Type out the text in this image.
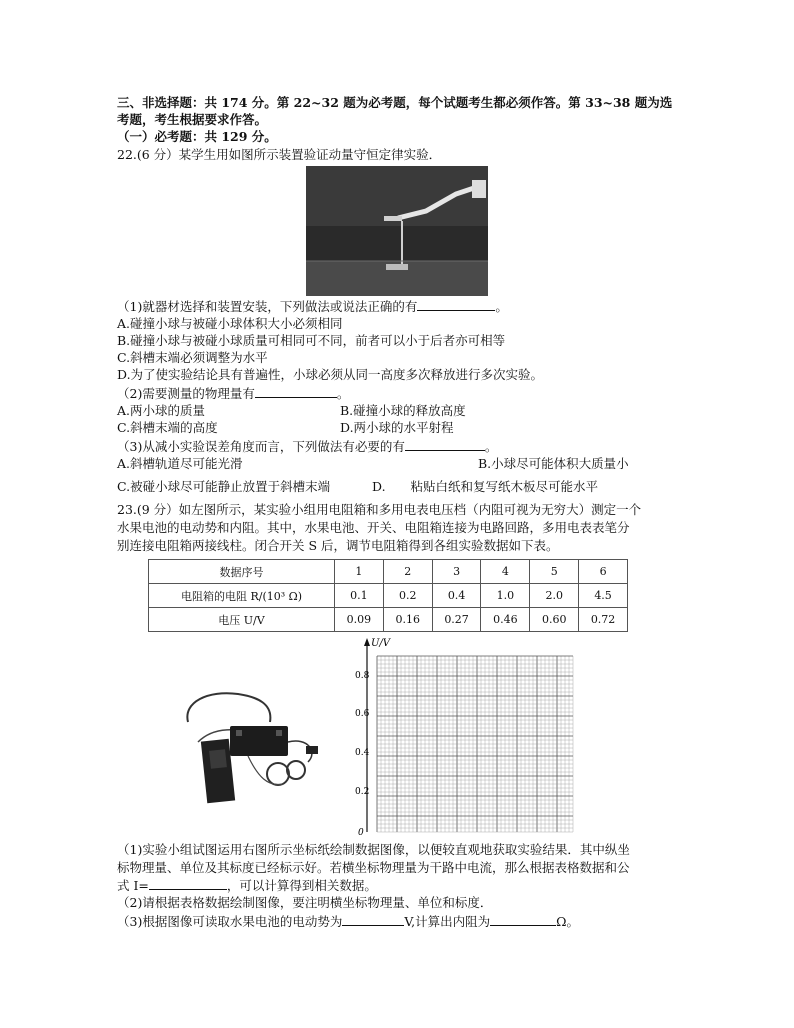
三、非选择题：共 174 分。第 22~32 题为必考题，每个试题考生都必须作答。第 33~38 题为选
考题，考生根据要求作答。
（一）必考题：共 129 分。
22.(6 分）某学生用如图所示装置验证动量守恒定律实验．
（1)就器材选择和装置安装，下列做法或说法正确的有	。
A.碰撞小球与被碰小球体积大小必须相同
B.碰撞小球与被碰小球质量可相同可不同，前者可以小于后者亦可相等
C.斜槽末端必须调整为水平
D.为了使实验结论具有普遍性，小球必须从同一高度多次释放进行多次实验。
（2)需要测量的物理量有	。
A.两小球的质量	B.碰撞小球的释放高度
C.斜槽末端的高度	D.两小球的水平射程
（3)从减小实验误差角度而言，下列做法有必要的有	。
A.斜槽轨道尽可能光滑	B.小球尽可能体积大质量小
C.被碰小球尽可能静止放置于斜槽末端	D.　　粘贴白纸和复写纸木板尽可能水平
23.(9 分）如左图所示，某实验小组用电阻箱和多用电表电压档（内阻可视为无穷大）测定一个
水果电池的电动势和内阻。其中，水果电池、开关、电阻箱连接为电路回路，多用电表表笔分
别连接电阻箱两接线柱。闭合开关 S 后，调节电阻箱得到各组实验数据如下表。
数据序号	1	2	3	4	5	6
电阻箱的电阻 R/(10³ Ω)	0.1	0.2	0.4	1.0	2.0	4.5
电压 U/V	0.09	0.16	0.27	0.46	0.60	0.72
U/V
0.8
0.6
0.4
0.2
0
（1)实验小组试图运用右图所示坐标纸绘制数据图像，以便较直观地获取实验结果．其中纵坐
标物理量、单位及其标度已经标示好。若横坐标物理量为干路中电流，那么根据表格数据和公
式 I=	，可以计算得到相关数据。
（2)请根据表格数据绘制图像，要注明横坐标物理量、单位和标度．
（3)根据图像可读取水果电池的电动势为	V,计算出内阻为	Ω。
